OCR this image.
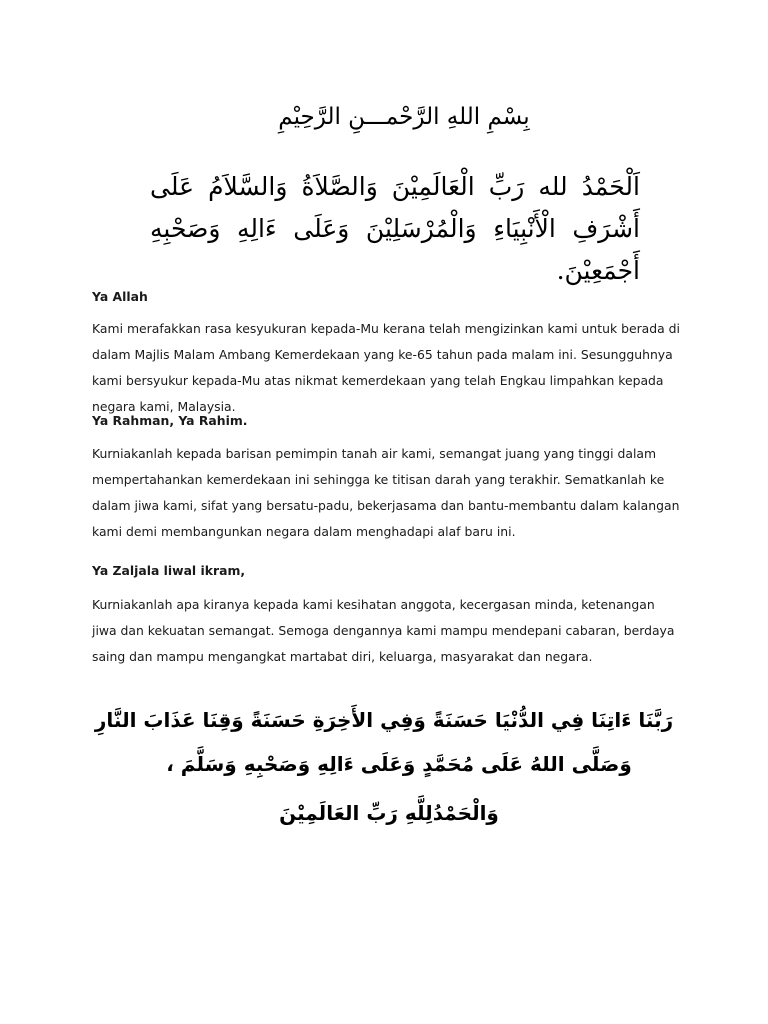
بِسْمِ اللهِ الرَّحْمـــنِ الرَّحِيْمِ
اَلْحَمْدُ لله رَبِّ الْعَالَمِيْنَ وَالصَّلاَةُ وَالسَّلاَمُ عَلَى أَشْرَفِ الْأَنْبِيَاءِ وَالْمُرْسَلِيْنَ وَعَلَى ءَالِهِ وَصَحْبِهِ أَجْمَعِيْنَ.
Ya Allah

Kami merafakkan rasa kesyukuran kepada-Mu kerana telah mengizinkan kami untuk berada di dalam Majlis Malam Ambang Kemerdekaan yang ke-65 tahun pada malam ini. Sesungguhnya kami bersyukur kepada-Mu atas nikmat kemerdekaan yang telah Engkau limpahkan kepada negara kami, Malaysia.

Ya Rahman, Ya Rahim.

Kurniakanlah kepada barisan pemimpin tanah air kami, semangat juang yang tinggi dalam mempertahankan kemerdekaan ini sehingga ke titisan darah yang terakhir. Sematkanlah ke dalam jiwa kami, sifat yang bersatu-padu, bekerjasama dan bantu-membantu dalam kalangan kami demi membangunkan negara dalam menghadapi alaf baru ini.

Ya Zaljala liwal ikram,

Kurniakanlah apa kiranya kepada kami kesihatan anggota, kecergasan minda, ketenangan jiwa dan kekuatan semangat. Semoga dengannya kami mampu mendepani cabaran, berdaya saing dan mampu mengangkat martabat diri, keluarga, masyarakat dan negara.

رَبَّنَا ءَاتِنَا فِي الدُّنْيَا حَسَنَةً وَفِي الأَخِرَةِ حَسَنَةً وَقِنَا عَذَابَ النَّارِ
وَصَلَّى اللهُ عَلَى مُحَمَّدٍ وَعَلَى ءَالِهِ وَصَحْبِهِ وَسَلَّمَ ،
وَالْحَمْدُلِلَّهِ رَبِّ العَالَمِيْنَ
